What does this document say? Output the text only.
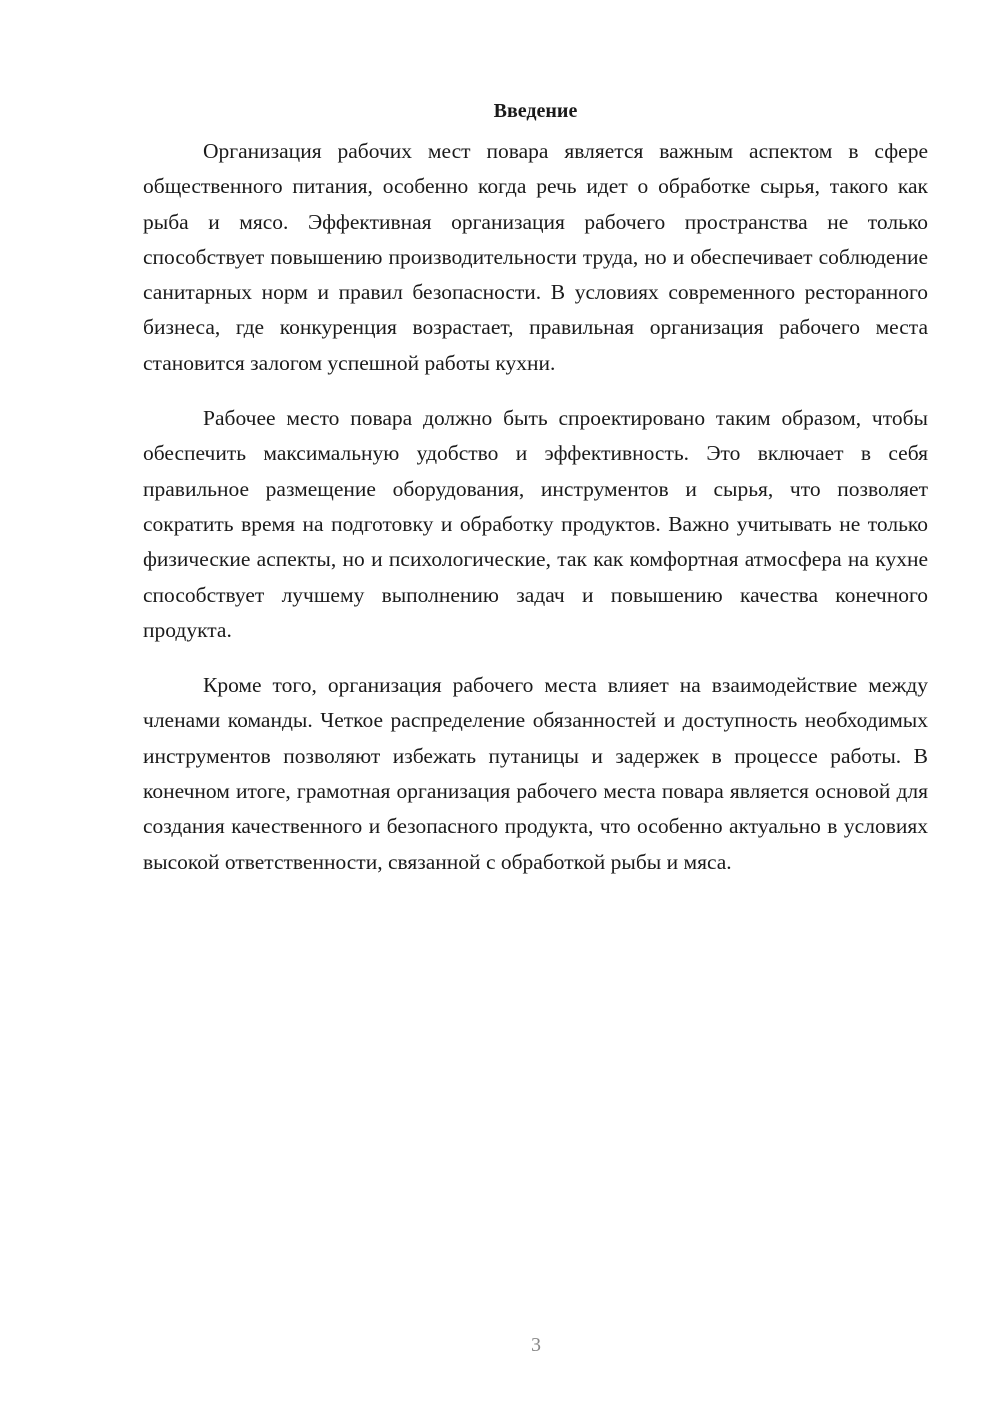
Введение

Организация рабочих мест повара является важным аспектом в сфере общественного питания, особенно когда речь идет о обработке сырья, такого как рыба и мясо. Эффективная организация рабочего пространства не только способствует повышению производительности труда, но и обеспечивает соблюдение санитарных норм и правил безопасности. В условиях современного ресторанного бизнеса, где конкуренция возрастает, правильная организация рабочего места становится залогом успешной работы кухни.

Рабочее место повара должно быть спроектировано таким образом, чтобы обеспечить максимальную удобство и эффективность. Это включает в себя правильное размещение оборудования, инструментов и сырья, что позволяет сократить время на подготовку и обработку продуктов. Важно учитывать не только физические аспекты, но и психологические, так как комфортная атмосфера на кухне способствует лучшему выполнению задач и повышению качества конечного продукта.

Кроме того, организация рабочего места влияет на взаимодействие между членами команды. Четкое распределение обязанностей и доступность необходимых инструментов позволяют избежать путаницы и задержек в процессе работы. В конечном итоге, грамотная организация рабочего места повара является основой для создания качественного и безопасного продукта, что особенно актуально в условиях высокой ответственности, связанной с обработкой рыбы и мяса.

3
